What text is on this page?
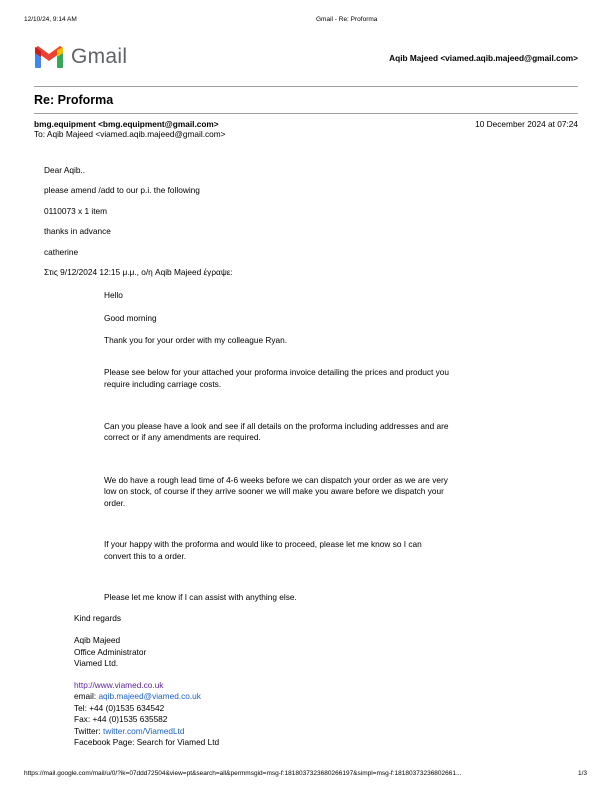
12/10/24, 9:14 AM	Gmail - Re: Proforma
Gmail	Aqib Majeed <viamed.aqib.majeed@gmail.com>
Re: Proforma
bmg.equipment <bmg.equipment@gmail.com>
To: Aqib Majeed <viamed.aqib.majeed@gmail.com>
10 December 2024 at 07:24
Dear Aqib..
please amend /add to our p.i. the following
0110073 x 1 item
thanks in advance
catherine
Στις 9/12/2024 12:15 μ.μ., ο/η Aqib Majeed έγραψε:
Hello
Good morning
Thank you for your order with my colleague Ryan.
Please see below for your attached your proforma invoice detailing the prices and product you
require including carriage costs.
Can you please have a look and see if all details on the proforma including addresses and are
correct or if any amendments are required.
We do have a rough lead time of 4-6 weeks before we can dispatch your order as we are very
low on stock, of course if they arrive sooner we will make you aware before we dispatch your
order.
If your happy with the proforma and would like to proceed, please let me know so I can
convert this to a order.
Please let me know if I can assist with anything else.
Kind regards
Aqib Majeed
Office Administrator
Viamed Ltd.
http://www.viamed.co.uk
email: aqib.majeed@viamed.co.uk
Tel: +44 (0)1535 634542
Fax: +44 (0)1535 635582
Twitter: twitter.com/ViamedLtd
Facebook Page: Search for Viamed Ltd
https://mail.google.com/mail/u/0/?ik=07ddd72504&view=pt&search=all&permmsgid=msg-f:1818037323680266197&simpl=msg-f:18180373236802661...	1/3
